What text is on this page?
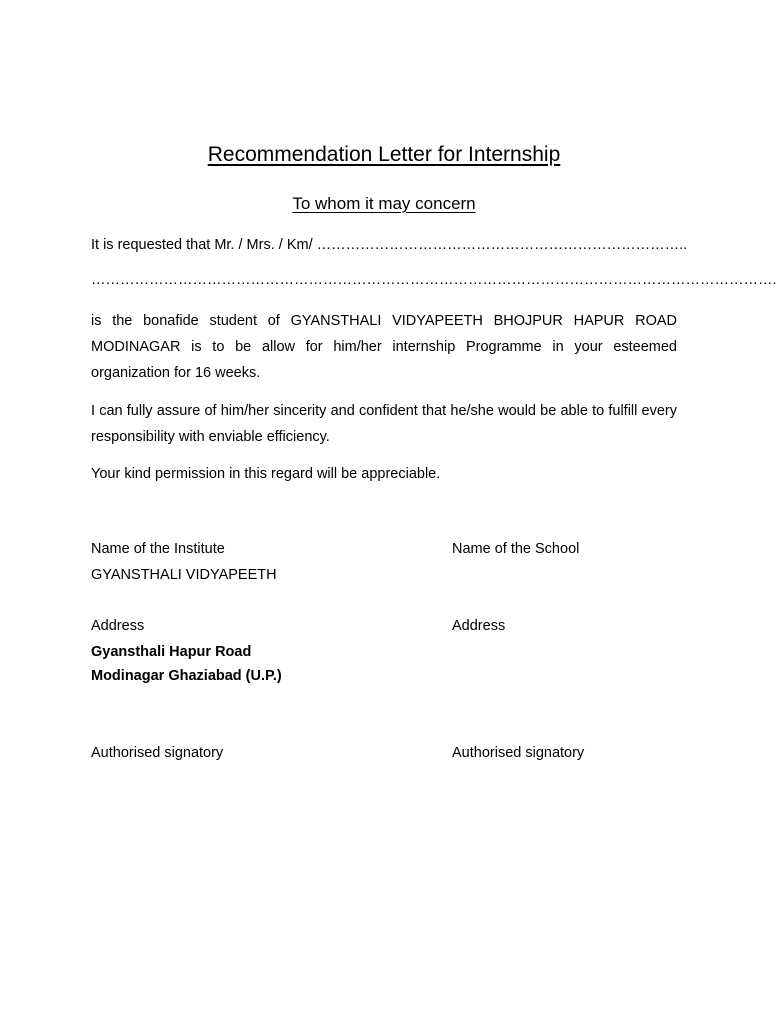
Recommendation Letter for Internship
To whom it may concern
It is requested that Mr. / Mrs. / Km/ …………………………………………………………………..
…………………………………………………………………………………………………………………………….
is the bonafide student of GYANSTHALI VIDYAPEETH BHOJPUR HAPUR ROAD MODINAGAR is to be allow for him/her internship Programme in your esteemed organization for 16 weeks.
I can fully assure of him/her sincerity and confident that he/she would be able to fulfill every responsibility with enviable efficiency.
Your kind permission in this regard will be appreciable.
Name of the Institute
GYANSTHALI VIDYAPEETH
Name of the School
Address	Address
Gyansthali Hapur Road
Modinagar Ghaziabad (U.P.)
Authorised signatory	Authorised signatory
